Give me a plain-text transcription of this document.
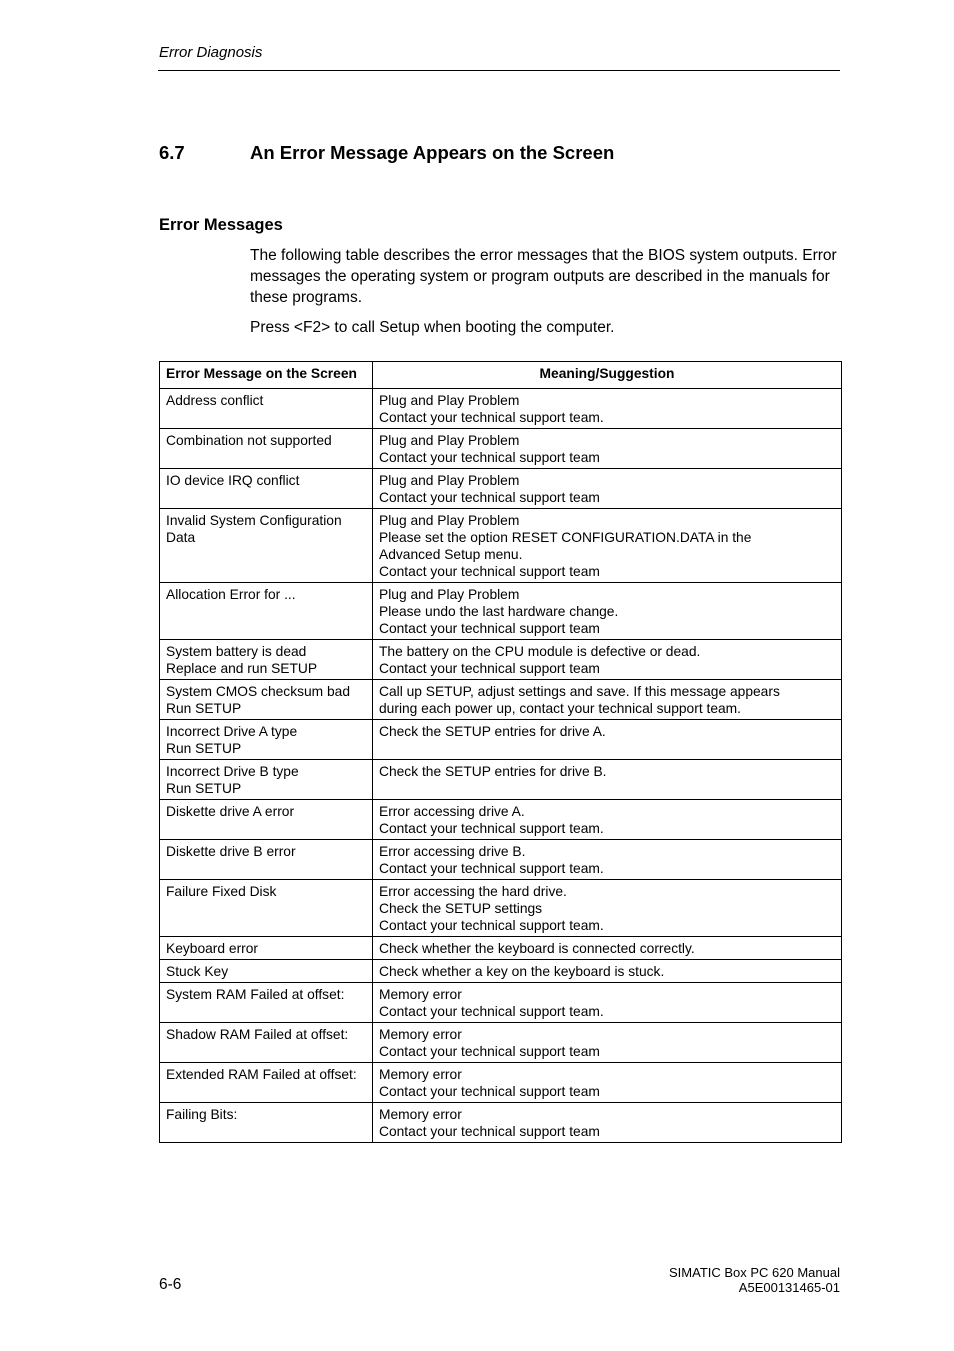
Error Diagnosis
6.7	An Error Message Appears on the Screen
Error Messages

The following table describes the error messages that the BIOS system outputs. Error messages the operating system or program outputs are described in the manuals for these programs.

Press <F2> to call Setup when booting the computer.

Error Message on the Screen	Meaning/Suggestion

Address conflict	Plug and Play Problem
Contact your technical support team.

Combination not supported	Plug and Play Problem
Contact your technical support team

IO device IRQ conflict	Plug and Play Problem
Contact your technical support team

Invalid System Configuration
Data	Plug and Play Problem
Please set the option RESET CONFIGURATION.DATA in the
Advanced Setup menu.
Contact your technical support team

Allocation Error for ...	Plug and Play Problem
Please undo the last hardware change.
Contact your technical support team

System battery is dead
Replace and run SETUP	The battery on the CPU module is defective or dead.
Contact your technical support team

System CMOS checksum bad
Run SETUP	Call up SETUP, adjust settings and save. If this message appears
during each power up, contact your technical support team.

Incorrect Drive A type
Run SETUP	Check the SETUP entries for drive A.

Incorrect Drive B type
Run SETUP	Check the SETUP entries for drive B.

Diskette drive A error	Error accessing drive A.
Contact your technical support team.

Diskette drive B error	Error accessing drive B.
Contact your technical support team.

Failure Fixed Disk	Error accessing the hard drive.
Check the SETUP settings
Contact your technical support team.

Keyboard error	Check whether the keyboard is connected correctly.

Stuck Key	Check whether a key on the keyboard is stuck.

System RAM Failed at offset:	Memory error
Contact your technical support team.

Shadow RAM Failed at offset:	Memory error
Contact your technical support team

Extended RAM Failed at offset:	Memory error
Contact your technical support team

Failing Bits:	Memory error
Contact your technical support team
6-6
SIMATIC Box PC 620 Manual
A5E00131465-01
